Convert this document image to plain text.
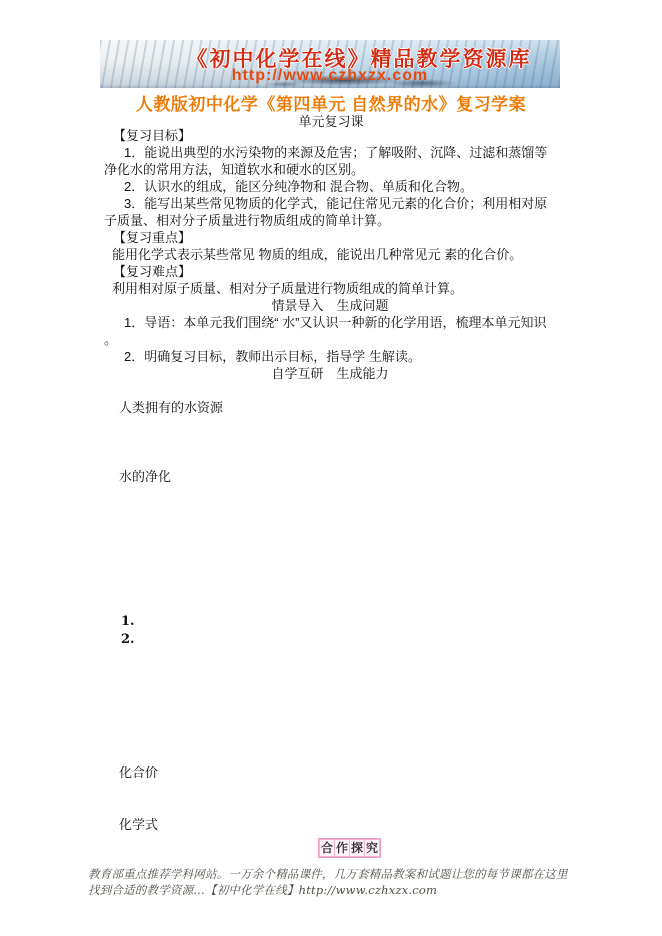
《初中化学在线》精品教学资源库
http://www.czhxzx.com
人教版初中化学《第四单元 自然界的水》复习学案
单元复习课

【复习目标】

1．能说出典型的水污染物的来源及危害；了解吸附、沉降、过滤和蒸馏等净化水的常用方法，知道软水和硬水的区别。

2．认识水的组成，能区分纯净物和 混合物、单质和化合物。

3．能写出某些常见物质的化学式，能记住常见元素的化合价；利用相对原子质量、相对分子质量进行物质组成的简单计算。

【复习重点】

能用化学式表示某些常见 物质的组成，能说出几种常见元 素的化合价。

【复习难点】

利用相对原子质量、相对分子质量进行物质组成的简单计算。

情景导入　生成问题

1．导语：本单元我们围绕“ 水”又认识一种新的化学用语，梳理本单元知识 。

2．明确复习目标，教师出示目标，指导学 生解读。

自学互研　生成能力

人类拥有的水资源
水的净化
1.
2.
化合价
化学式
合 作 探 究
教育部重点推荐学科网站。一万余个精品课件，几万套精品教案和试题让您的每节课都在这里找到合适的教学资源…【初中化学在线】http://www.czhxzx.com
